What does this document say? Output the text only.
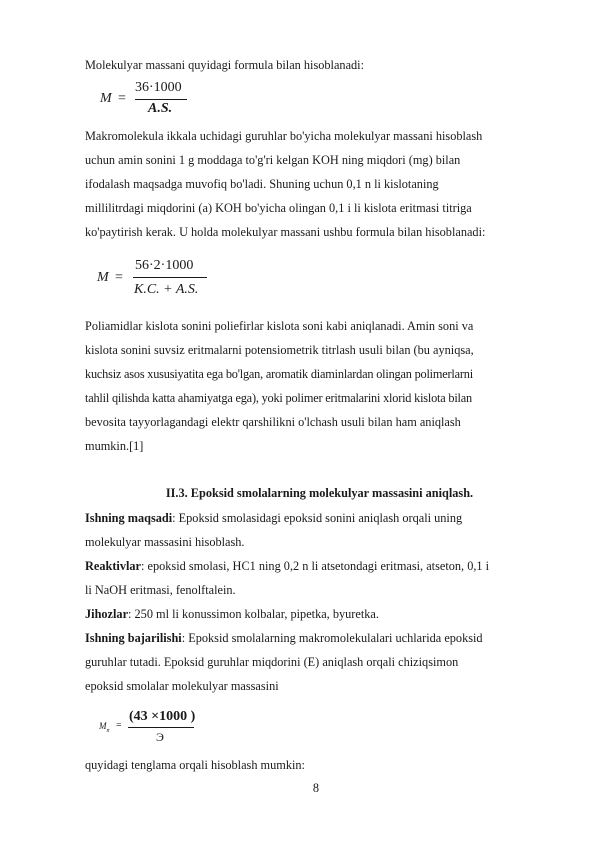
Molekulyar massani quyidagi formula bilan hisoblanadi:
M =
36·1000
A.S.
Makromolekula ikkala uchidagi guruhlar bo'yicha molekulyar massani hisoblash
uchun amin sonini 1 g moddaga to'g'ri kelgan KOH ning miqdori (mg) bilan
ifodalash maqsadga muvofiq bo'ladi. Shuning uchun 0,1 n li kislotaning
millilitrdagi miqdorini (a) KOH bo'yicha olingan 0,1 i li kislota eritmasi titriga
ko'paytirish kerak. U holda molekulyar massani ushbu formula bilan hisoblanadi:
M =
56·2·1000
K.C. + A.S.
Poliamidlar kislota sonini poliefirlar kislota soni kabi aniqlanadi. Amin soni va
kislota sonini suvsiz eritmalarni potensiometrik titrlash usuli bilan (bu ayniqsa,
kuchsiz asos xususiyatita ega bo'lgan, aromatik diaminlardan olingan polimerlarni
tahlil qilishda katta ahamiyatga ega), yoki polimer eritmalarini xlorid kislota bilan
bevosita tayyorlagandagi elektr qarshilikni o'lchash usuli bilan ham aniqlash
mumkin.[1]
II.3. Epoksid smolalarning molekulyar massasini aniqlash.
Ishning maqsadi: Epoksid smolasidagi epoksid sonini aniqlash orqali uning
molekulyar massasini hisoblash.
Reaktivlar: epoksid smolasi, HC1 ning 0,2 n li atsetondagi eritmasi, atseton, 0,1 i
li NaOH eritmasi, fenolftalein.
Jihozlar: 250 ml li konussimon kolbalar, pipetka, byuretka.
Ishning bajarilishi: Epoksid smolalarning makromolekulalari uchlarida epoksid
guruhlar tutadi. Epoksid guruhlar miqdorini (E) aniqlash orqali chiziqsimon
epoksid smolalar molekulyar massasini
$M_n$ =
(43 ×1000 )
Э
quyidagi tenglama orqali hisoblash mumkin:
8
